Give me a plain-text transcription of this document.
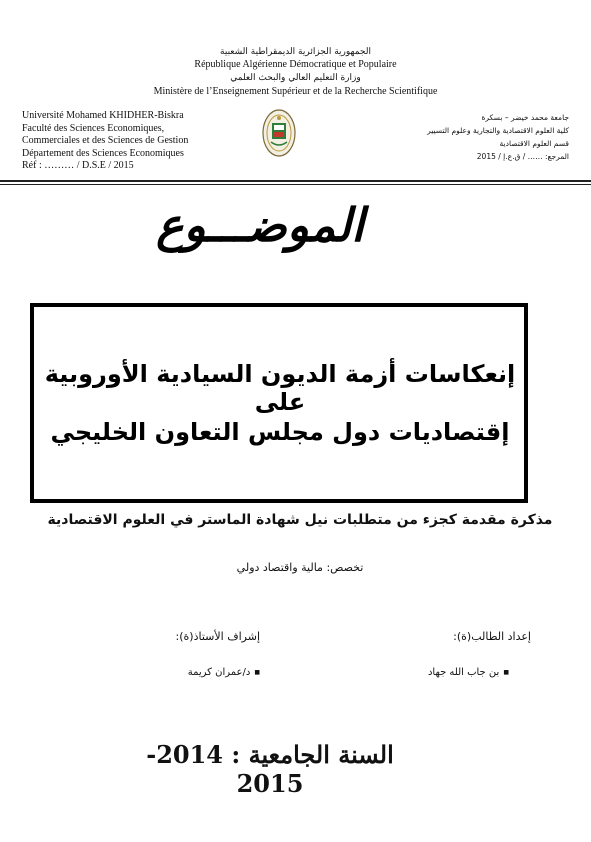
الجمهورية الجزائرية الديمقراطية الشعبية
République Algérienne Démocratique et Populaire
وزارة التعليم العالي والبحث العلمي
Ministère de l’Enseignement Supérieur et de la Recherche Scientifique
Université Mohamed KHIDHER-Biskra
Faculté des Sciences Economiques,
Commerciales et des Sciences de Gestion
Département des Sciences Economiques
Réf : ……… / D.S.E / 2015
جامعة محمد خيضر – بسكرة
كلية العلوم الاقتصادية والتجارية وعلوم التسيير
قسم العلوم الاقتصادية
المرجع: …… / ق.ع.إ / 2015
الموضـــوع
إنعكاسات أزمة الديون السيادية الأوروبية على
إقتصاديات دول مجلس التعاون الخليجي
مذكرة مقدمة كجزء من متطلبات نيل شهادة الماستر في العلوم الاقتصادية
تخصص: مالية واقتصاد دولي
إعداد الطالب(ة):
إشراف الأستاذ(ة):
■ بن جاب الله جهاد
■ د/عمران كريمة
السنة الجامعية : 2014-2015
